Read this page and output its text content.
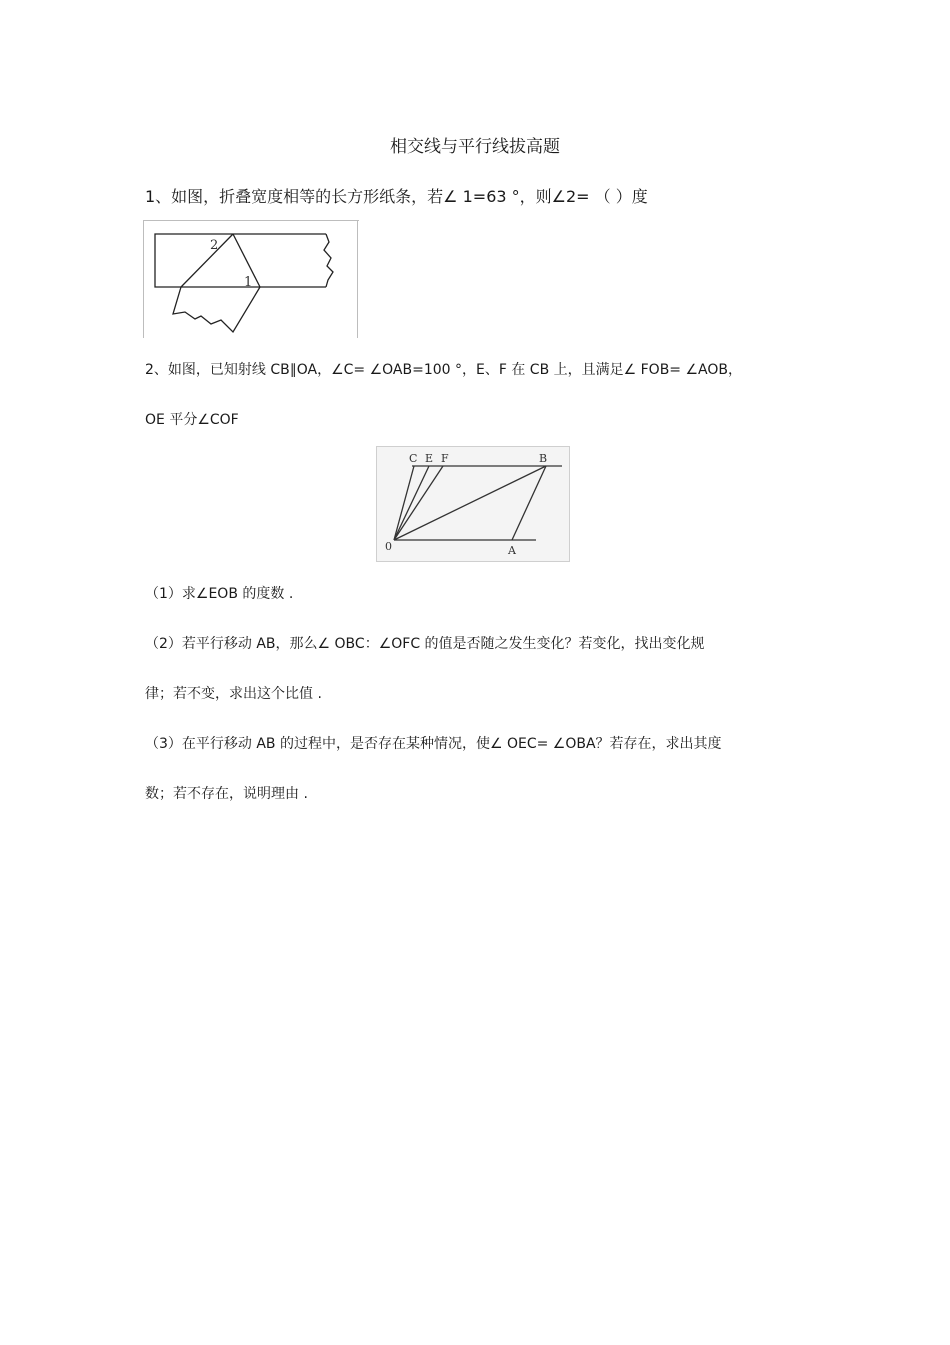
相交线与平行线拔高题
1、如图，折叠宽度相等的长方形纸条，若∠ 1=63 °，则∠2= （ ）度
2
1
2、如图，已知射线 CB∥OA，∠C= ∠OAB=100 °，E、F 在 CB 上，且满足∠ FOB= ∠AOB，
OE 平分∠COF
C E F	B
0	A
（1）求∠EOB 的度数 .
（2）若平行移动 AB，那么∠ OBC：∠OFC 的值是否随之发生变化？若变化，找出变化规
律；若不变，求出这个比值 .
（3）在平行移动 AB 的过程中，是否存在某种情况，使∠ OEC= ∠OBA？若存在，求出其度
数；若不存在，说明理由 .
